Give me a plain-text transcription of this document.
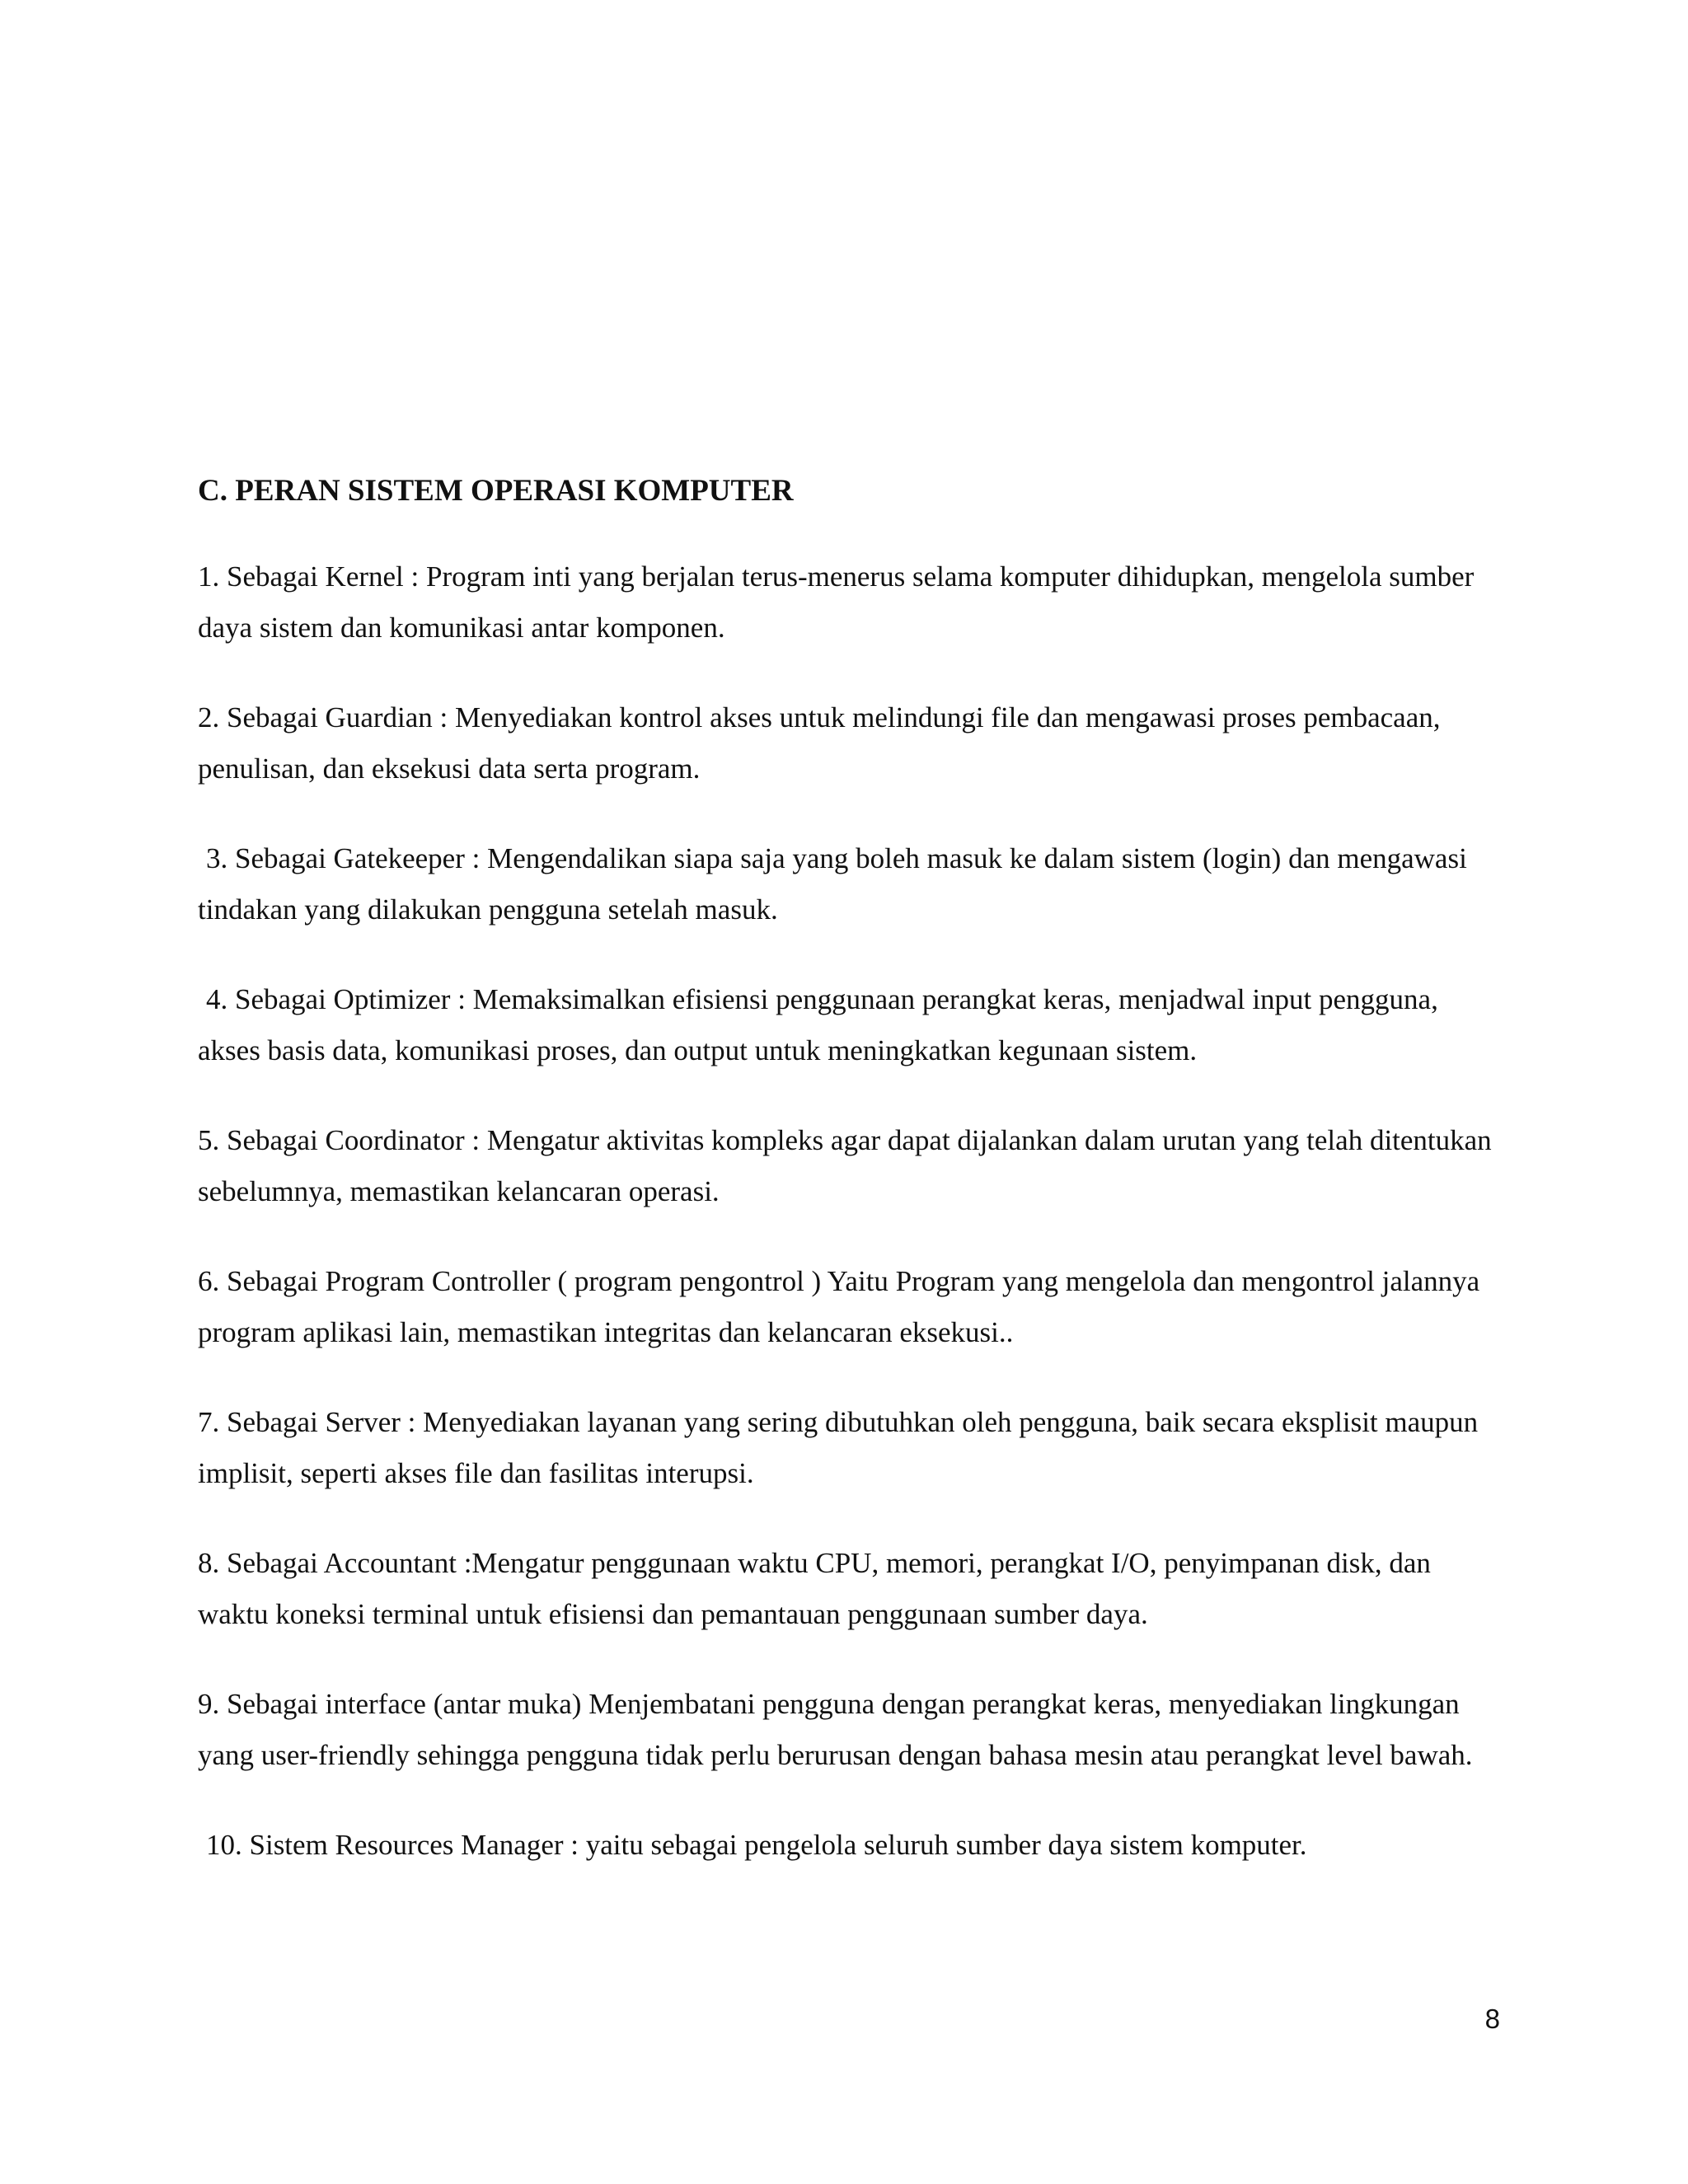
C. PERAN SISTEM OPERASI KOMPUTER

1. Sebagai Kernel : Program inti yang berjalan terus-menerus selama komputer dihidupkan, mengelola sumber daya sistem dan komunikasi antar komponen.

2. Sebagai Guardian : Menyediakan kontrol akses untuk melindungi file dan mengawasi proses pembacaan, penulisan, dan eksekusi data serta program.

3. Sebagai Gatekeeper : Mengendalikan siapa saja yang boleh masuk ke dalam sistem (login) dan mengawasi tindakan yang dilakukan pengguna setelah masuk.

4. Sebagai Optimizer : Memaksimalkan efisiensi penggunaan perangkat keras, menjadwal input pengguna, akses basis data, komunikasi proses, dan output untuk meningkatkan kegunaan sistem.

5. Sebagai Coordinator : Mengatur aktivitas kompleks agar dapat dijalankan dalam urutan yang telah ditentukan sebelumnya, memastikan kelancaran operasi.

6. Sebagai Program Controller ( program pengontrol ) Yaitu Program yang mengelola dan mengontrol jalannya program aplikasi lain, memastikan integritas dan kelancaran eksekusi..

7. Sebagai Server : Menyediakan layanan yang sering dibutuhkan oleh pengguna, baik secara eksplisit maupun implisit, seperti akses file dan fasilitas interupsi.

8. Sebagai Accountant :Mengatur penggunaan waktu CPU, memori, perangkat I/O, penyimpanan disk, dan waktu koneksi terminal untuk efisiensi dan pemantauan penggunaan sumber daya.

9. Sebagai interface (antar muka) Menjembatani pengguna dengan perangkat keras, menyediakan lingkungan yang user-friendly sehingga pengguna tidak perlu berurusan dengan bahasa mesin atau perangkat level bawah.

10. Sistem Resources Manager : yaitu sebagai pengelola seluruh sumber daya sistem komputer.

8
